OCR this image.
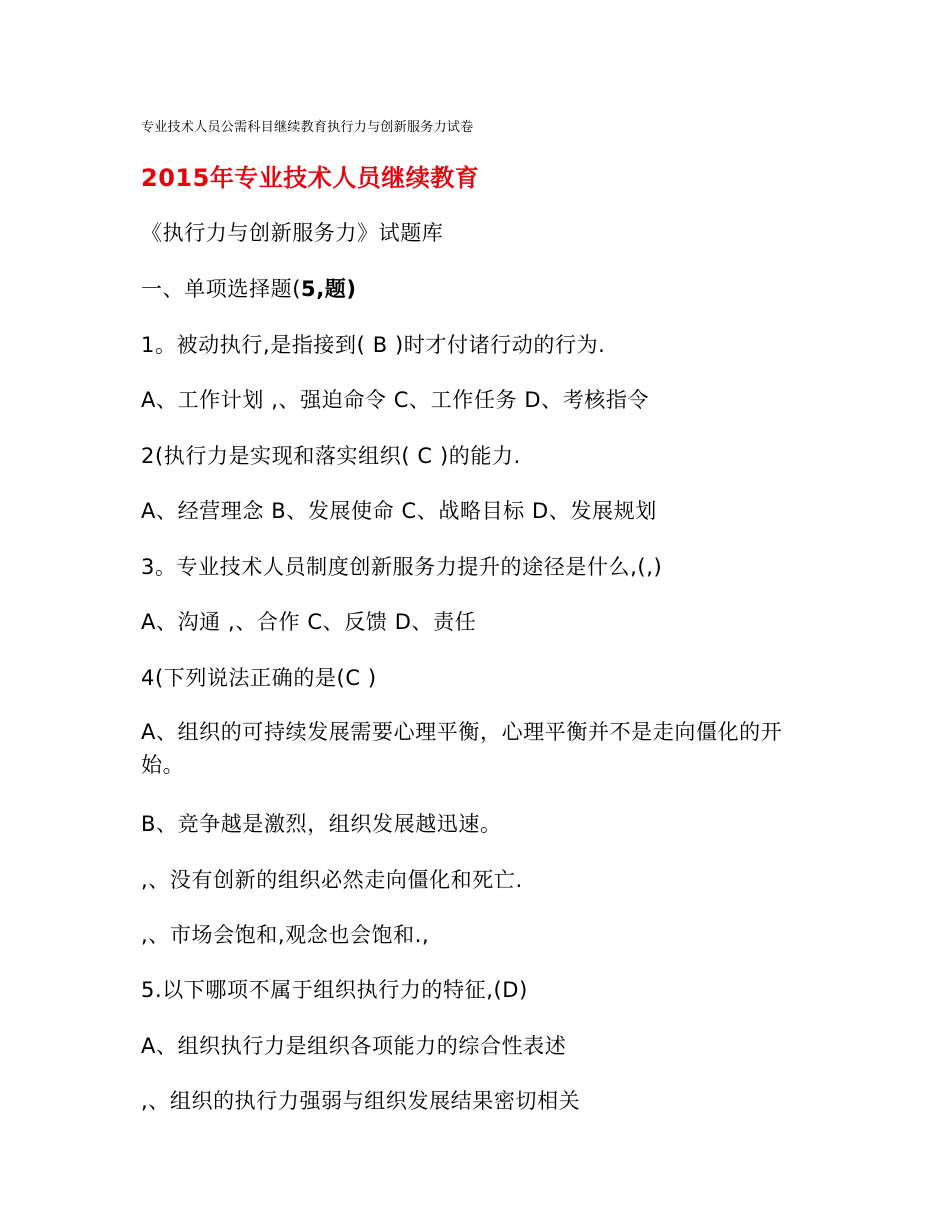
专业技术人员公需科目继续教育执行力与创新服务力试卷
2015年专业技术人员继续教育
《执行力与创新服务力》试题库
一、单项选择题(5,题)
1。被动执行,是指接到( B )时才付诸行动的行为.
A、工作计划 ,、强迫命令 C、工作任务 D、考核指令
2(执行力是实现和落实组织( C )的能力.
A、经营理念 B、发展使命 C、战略目标 D、发展规划
3。专业技术人员制度创新服务力提升的途径是什么,(,)
A、沟通 ,、合作 C、反馈 D、责任
4(下列说法正确的是(C )
A、组织的可持续发展需要心理平衡，心理平衡并不是走向僵化的开始。
B、竞争越是激烈，组织发展越迅速。
,、没有创新的组织必然走向僵化和死亡.
,、市场会饱和,观念也会饱和.,
5.以下哪项不属于组织执行力的特征,(D)
A、组织执行力是组织各项能力的综合性表述
,、组织的执行力强弱与组织发展结果密切相关
